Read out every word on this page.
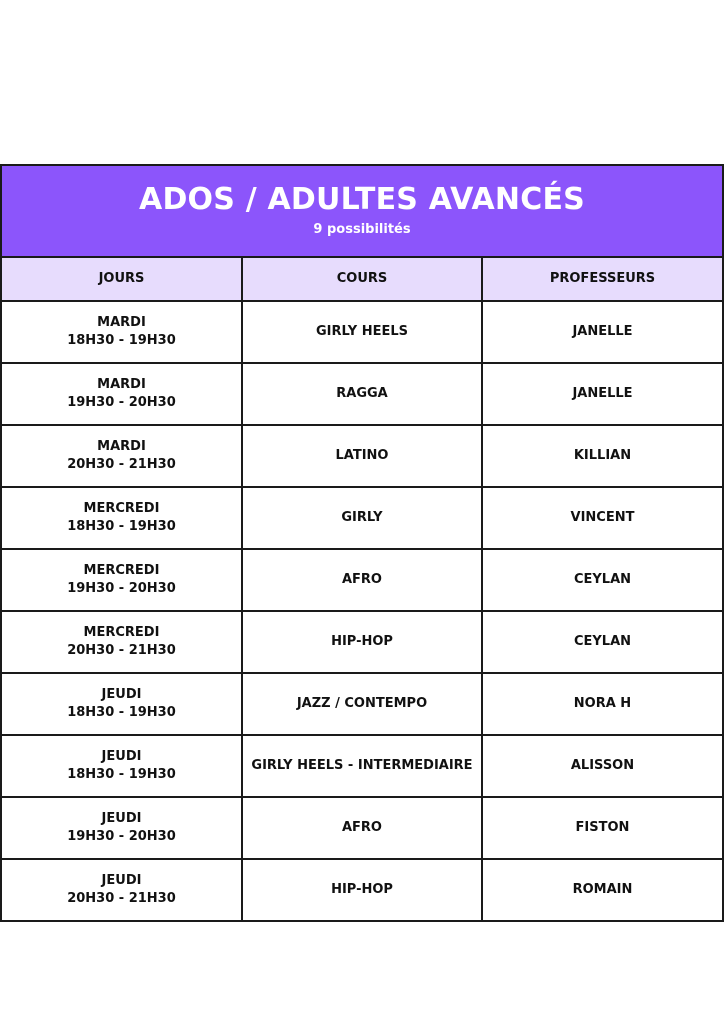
ADOS / ADULTES AVANCÉS
9 possibilités
JOURS	COURS	PROFESSEURS

MARDI
18H30 - 19H30	GIRLY HEELS	JANELLE

MARDI
19H30 - 20H30	RAGGA	JANELLE

MARDI
20H30 - 21H30	LATINO	KILLIAN

MERCREDI
18H30 - 19H30	GIRLY	VINCENT

MERCREDI
19H30 - 20H30	AFRO	CEYLAN

MERCREDI
20H30 - 21H30	HIP-HOP	CEYLAN

JEUDI
18H30 - 19H30	JAZZ / CONTEMPO	NORA H

JEUDI
18H30 - 19H30	GIRLY HEELS - INTERMEDIAIRE	ALISSON

JEUDI
19H30 - 20H30	AFRO	FISTON

JEUDI
20H30 - 21H30	HIP-HOP	ROMAIN
